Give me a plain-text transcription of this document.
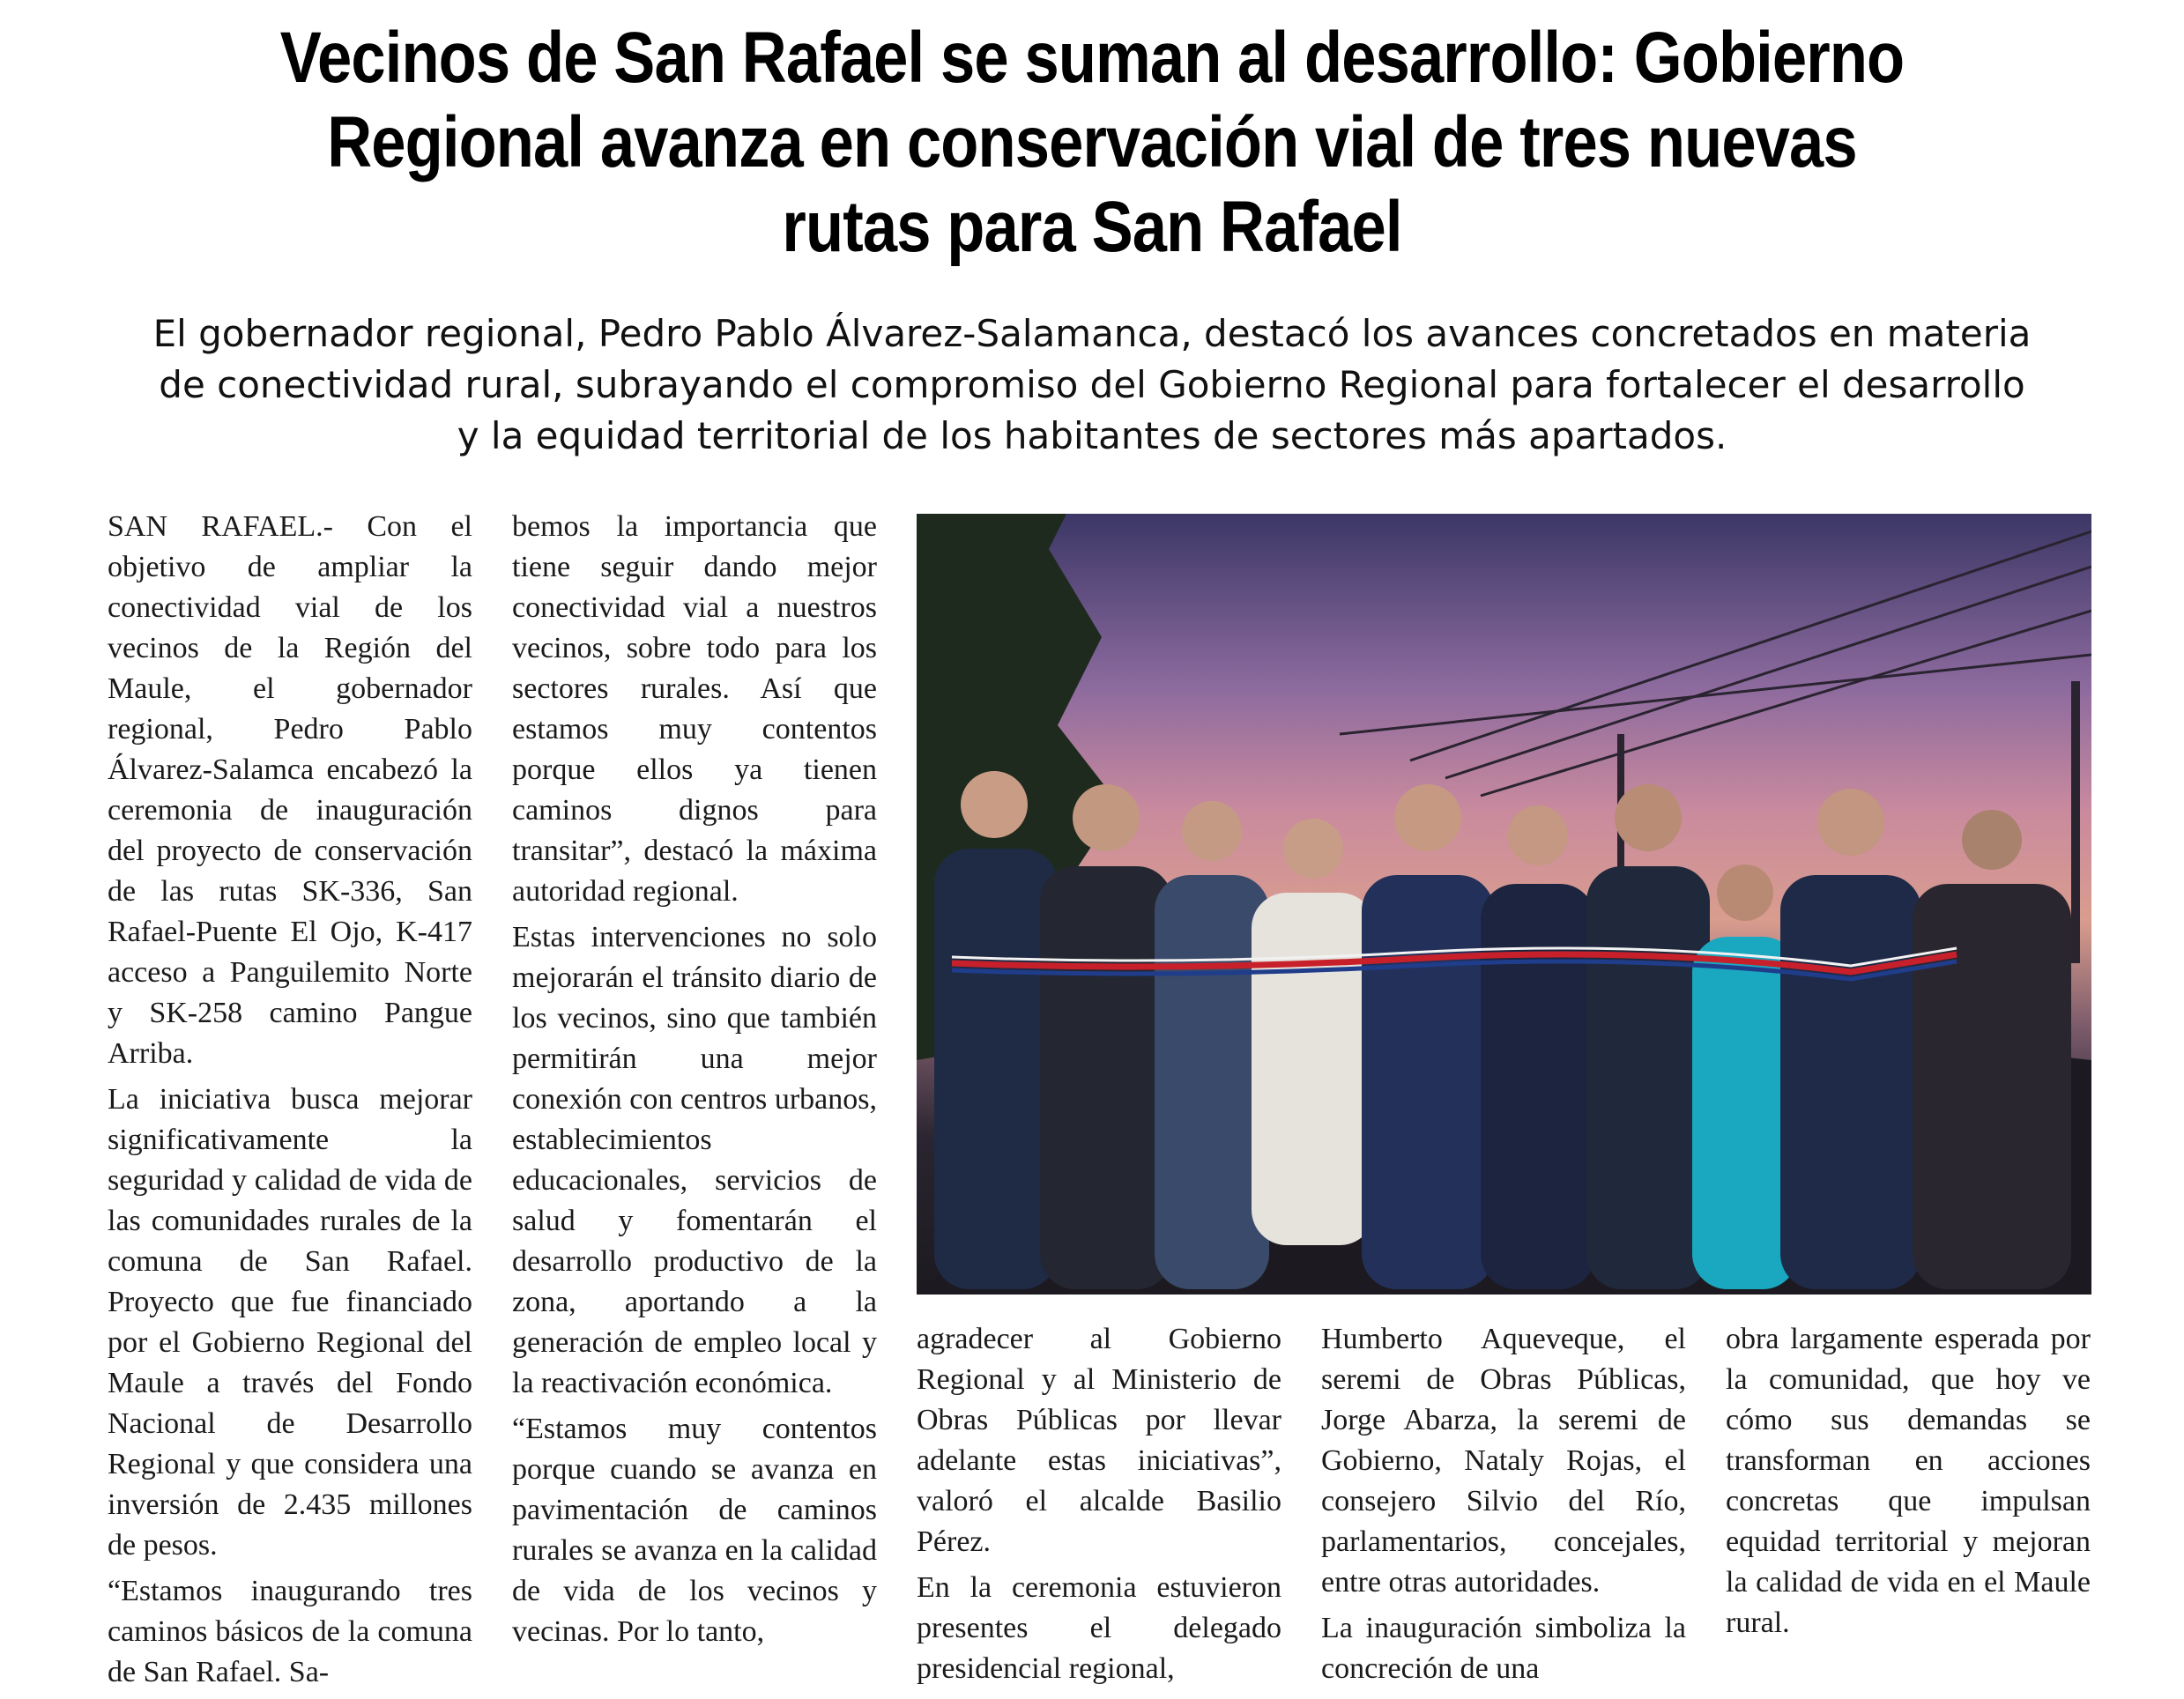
Vecinos de San Rafael se suman al desarrollo: Gobierno
Regional avanza en conservación vial de tres nuevas
rutas para San Rafael
El gobernador regional, Pedro Pablo Álvarez-Salamanca, destacó los avances concretados en materia
de conectividad rural, subrayando el compromiso del Gobierno Regional para fortalecer el desarrollo
y la equidad territorial de los habitantes de sectores más apartados.

SAN RAFAEL.- Con el objetivo de ampliar la conectividad vial de los vecinos de la Región del Maule, el gobernador regional, Pedro Pablo Álvarez-Salamca encabezó la ceremonia de inauguración del proyecto de conservación de las rutas SK-336, San Rafael-Puente El Ojo, K-417 acceso a Panguilemito Norte y SK-258 camino Pangue Arriba.

La iniciativa busca mejorar significativamente la seguridad y calidad de vida de las comunidades rurales de la comuna de San Rafael. Proyecto que fue financiado por el Gobierno Regional del Maule a través del Fondo Nacional de Desarrollo Regional y que considera una inversión de 2.435 millones de pesos.

“Estamos inaugurando tres caminos básicos de la comuna de San Rafael. Sa-

bemos la importancia que tiene seguir dando mejor conectividad vial a nuestros vecinos, sobre todo para los sectores rurales. Así que estamos muy contentos porque ellos ya tienen caminos dignos para transitar”, destacó la máxima autoridad regional.

Estas intervenciones no solo mejorarán el tránsito diario de los vecinos, sino que también permitirán una mejor conexión con centros urbanos, establecimientos educacionales, servicios de salud y fomentarán el desarrollo productivo de la zona, aportando a la generación de empleo local y la reactivación económica.

“Estamos muy contentos porque cuando se avanza en pavimentación de caminos rurales se avanza en la calidad de vida de los vecinos y vecinas. Por lo tanto,

agradecer al Gobierno Regional y al Ministerio de Obras Públicas por llevar adelante estas iniciativas”, valoró el alcalde Basilio Pérez.

En la ceremonia estuvieron presentes el delegado presidencial regional,

Humberto Aqueveque, el seremi de Obras Públicas, Jorge Abarza, la seremi de Gobierno, Nataly Rojas, el consejero Silvio del Río, parlamentarios, concejales, entre otras autoridades.

La inauguración simboliza la concreción de una

obra largamente esperada por la comunidad, que hoy ve cómo sus demandas se transforman en acciones concretas que impulsan equidad territorial y mejoran la calidad de vida en el Maule rural.
